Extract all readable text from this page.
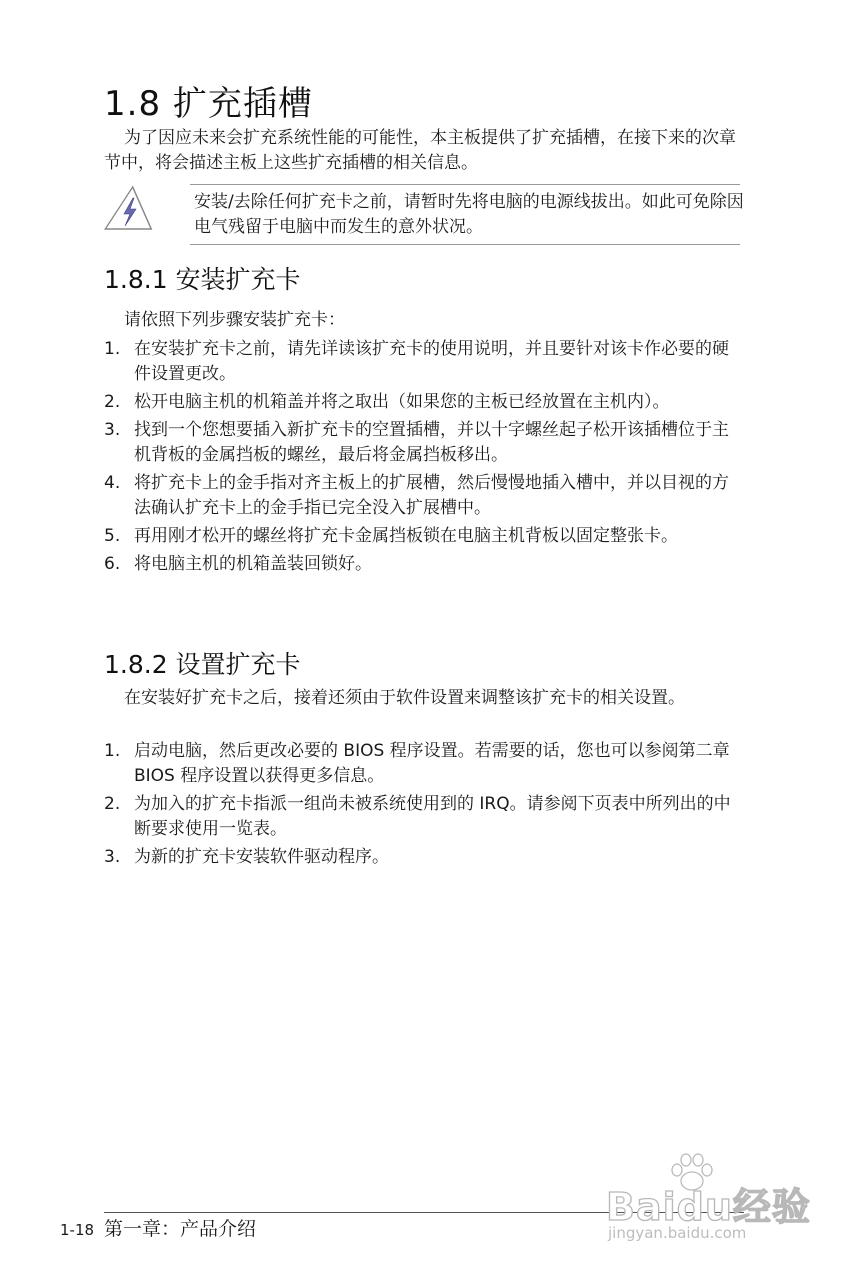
1.8 扩充插槽

为了因应未来会扩充系统性能的可能性，本主板提供了扩充插槽，在接下来的次章节中，将会描述主板上这些扩充插槽的相关信息。

安装/去除任何扩充卡之前，请暂时先将电脑的电源线拔出。如此可免除因电气残留于电脑中而发生的意外状况。

1.8.1 安装扩充卡

请依照下列步骤安装扩充卡：

1. 在安装扩充卡之前，请先详读该扩充卡的使用说明，并且要针对该卡作必要的硬件设置更改。
2. 松开电脑主机的机箱盖并将之取出（如果您的主板已经放置在主机内）。
3. 找到一个您想要插入新扩充卡的空置插槽，并以十字螺丝起子松开该插槽位于主机背板的金属挡板的螺丝，最后将金属挡板移出。
4. 将扩充卡上的金手指对齐主板上的扩展槽，然后慢慢地插入槽中，并以目视的方法确认扩充卡上的金手指已完全没入扩展槽中。
5. 再用刚才松开的螺丝将扩充卡金属挡板锁在电脑主机背板以固定整张卡。
6. 将电脑主机的机箱盖装回锁好。
1.8.2 设置扩充卡

在安装好扩充卡之后，接着还须由于软件设置来调整该扩充卡的相关设置。

1. 启动电脑，然后更改必要的 BIOS 程序设置。若需要的话，您也可以参阅第二章 BIOS 程序设置以获得更多信息。
2. 为加入的扩充卡指派一组尚未被系统使用到的 IRQ。请参阅下页表中所列出的中断要求使用一览表。
3. 为新的扩充卡安装软件驱动程序。
1-18 第一章：产品介绍	Baidu经验
jingyan.baidu.com
